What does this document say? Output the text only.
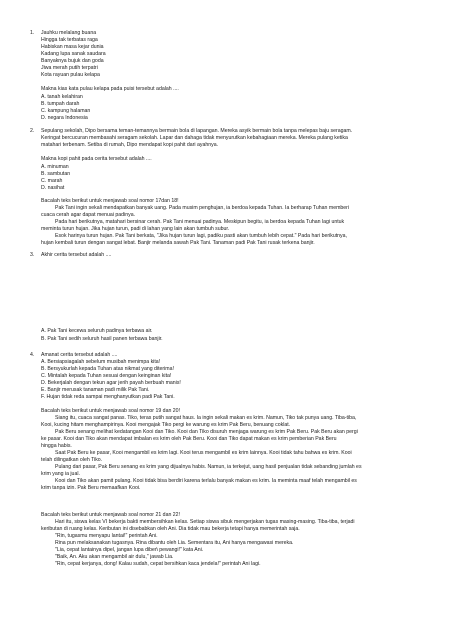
1. Jauhku melalang buana
Hingga tak terbatas raga
Habiskan masa kejar dunia
Kadang lupa sanak saudara
Banyaknya bujuk dan goda
Jiwa merah putih terpatri
Kota rayuan pulau kelapa
Makna kias kata pulau kelapa pada puisi tersebut adalah ....
A. tanah kelahiran
B. tumpah darah
C. kampung halaman
D. negara Indonesia
2. Sepulang sekolah, Dipo bersama teman-temannya bermain bola di lapangan. Mereka asyik bermain bola tanpa melepas baju seragam.
Keringat bercucuran membasahi seragam sekolah. Lapar dan dahaga tidak menyurutkan kebahagiaan mereka. Mereka pulang ketika
matahari terbenam. Setiba di rumah, Dipo mendapat kopi pahit dari ayahnya.
Makna kopi pahit pada cerita tersebut adalah ....
A. minuman
B. sambutan
C. marah
D. nasihat
Bacalah teks berikut untuk menjawab soal nomor 17dan 18!
Pak Tani ingin sekali mendapatkan banyak uang. Pada musim penghujan, ia berdoa kepada Tuhan. Ia berharap Tuhan memberi
cuaca cerah agar dapat menuai padinya.
Pada hari berikutnya, matahari bersinar cerah. Pak Tani menuai padinya. Meskipun begitu, ia berdoa kepada Tuhan lagi untuk
meminta turun hujan. Jika hujan turun, padi di lahan yang lain akan tumbuh subur.
Esok harinya turun hujan. Pak Tani berkata, "Jika hujan turun lagi, padiku pasti akan tumbuh lebih cepat." Pada hari berikutnya,
hujan kembali turun dengan sangat lebat. Banjir melanda sawah Pak Tani. Tanaman padi Pak Tani rusak terkena banjir.
3. Akhir cerita tersebut adalah ....
A. Pak Tani kecewa seluruh padinya terbawa air.
B. Pak Tani sedih seluruh hasil panen terbawa banjir.
4. Amanat cerita tersebut adalah ....
A. Bersiapsiagalah sebelum musibah menimpa kita!
B. Bersyukurlah kepada Tuhan atas nikmat yang diterima!
C. Mintalah kepada Tuhan sesuai dengan keinginan kita!
D. Bekerjalah dengan tekun agar jerih payah berbuah manis!
E. Banjir merusak tanaman padi milik Pak Tani.
F. Hujan tidak reda sampai menghanyutkan padi Pak Tani.
Bacalah teks berikut untuk menjawab soal nomor 19 dan 20!
Siang itu, cuaca sangat panas. Tiko, teras putih sangat haus. Ia ingin sekali makan es krim. Namun, Tiko tak punya uang. Tiba-tiba,
Kooi, kucing hitam menghampirinya. Kooi mengajak Tiko pergi ke warung es krim Pak Beru, benuang coklat.
Pak Beru senang melihat kedatangan Kooi dan Tiko. Kooi dan Tiko disuruh menjaga warung es krim Pak Beru. Pak Beru akan pergi
ke pasar. Kooi dan Tiko akan mendapat imbalan es krim oleh Pak Beru. Kooi dan Tiko dapat makan es krim pemberian Pak Beru
hingga habis.
Saat Pak Beru ke pasar, Kooi mengambil es krim lagi. Kooi terus mengambil es krim lainnya. Kooi tidak tahu bahwa es krim. Kooi
telah dilingatkan oleh Tiko.
Pulang dari pasar, Pak Beru senang es krim yang dijualnya habis. Namun, ia terkejut, uang hasil penjualan tidak sebanding jumlah es
krim yang ia jual.
Kooi dan Tiko akan pamit pulang. Kooi tidak bisa berdiri karena terlalu banyak makan es krim. Ia meminta maaf telah mengambil es
krim tanpa izin. Pak Beru memaafkan Kooi.
Bacalah teks berikut untuk menjawab soal nomor 21 dan 22!
Hari itu, siswa kelas VI bekerja bakti membersihkan kelas. Setiap siswa sibuk mengerjakan tugas masing-masing. Tiba-tiba, terjadi
keributan di ruang kelas. Keributan ini disebabkan oleh Ani. Dia tidak mau bekerja tetapi hanya memerintah saja.
"Rin, tugasmu menyapu lantai!" perintah Ani.
Rina pun melaksanakan tugasnya. Rina dibantu oleh Lia. Sementara itu, Ani hanya mengawasi mereka.
"Lia, cepat lantainya dipel, jangan lupa dibeń pewangi!" kata Ani.
"Baik, An. Aku akan mengambil air dulu," jawab Lia.
"Rin, cepat kerjanya, dong! Kalau sudah, cepat bersihkan kaca jendela!" perintah Ani lagi.
